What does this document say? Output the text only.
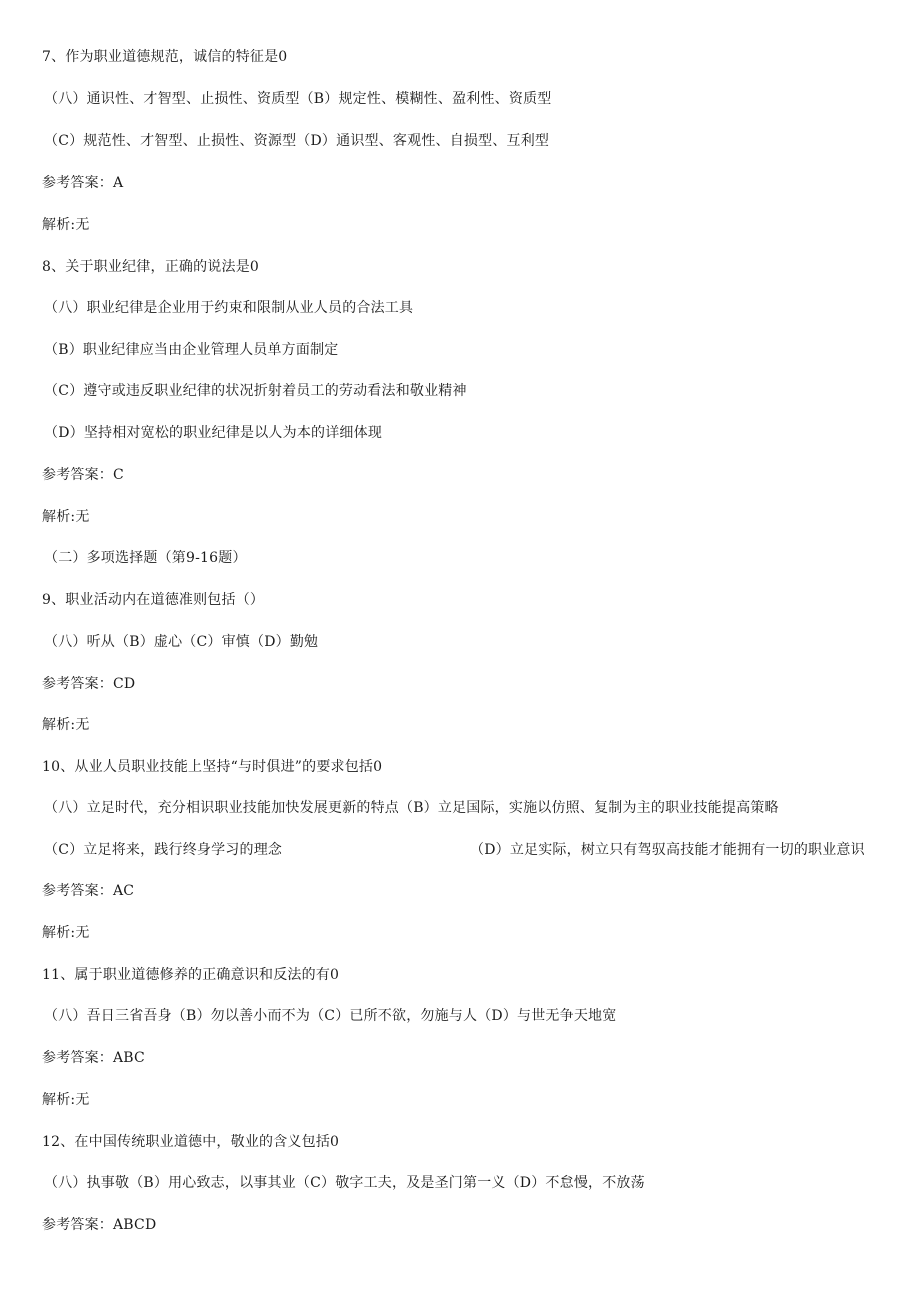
7、作为职业道德规范，诚信的特征是0
（八）通识性、才智型、止损性、资质型（B）规定性、模糊性、盈利性、资质型
（C）规范性、才智型、止损性、资源型（D）通识型、客观性、自损型、互利型
参考答案：A
解析:无
8、关于职业纪律，正确的说法是0
（八）职业纪律是企业用于约束和限制从业人员的合法工具
（B）职业纪律应当由企业管理人员单方面制定
（C）遵守或违反职业纪律的状况折射着员工的劳动看法和敬业精神
（D）坚持相对宽松的职业纪律是以人为本的详细体现
参考答案：C
解析:无
（二）多项选择题（第9-16题）
9、职业活动内在道德准则包括（）
（八）听从（B）虚心（C）审慎（D）勤勉
参考答案：CD
解析:无
10、从业人员职业技能上坚持“与时俱进”的要求包括0
（八）立足时代，充分相识职业技能加快发展更新的特点（B）立足国际，实施以仿照、复制为主的职业技能提高策略
（C）立足将来，践行终身学习的理念	（D）立足实际，树立只有驾驭高技能才能拥有一切的职业意识
参考答案：AC
解析:无
11、属于职业道德修养的正确意识和反法的有0
（八）吾日三省吾身（B）勿以善小而不为（C）已所不欲，勿施与人（D）与世无争天地宽
参考答案：ABC
解析:无
12、在中国传统职业道德中，敬业的含义包括0
（八）执事敬（B）用心致志，以事其业（C）敬字工夫，及是圣门第一义（D）不怠慢，不放荡
参考答案：ABCD
